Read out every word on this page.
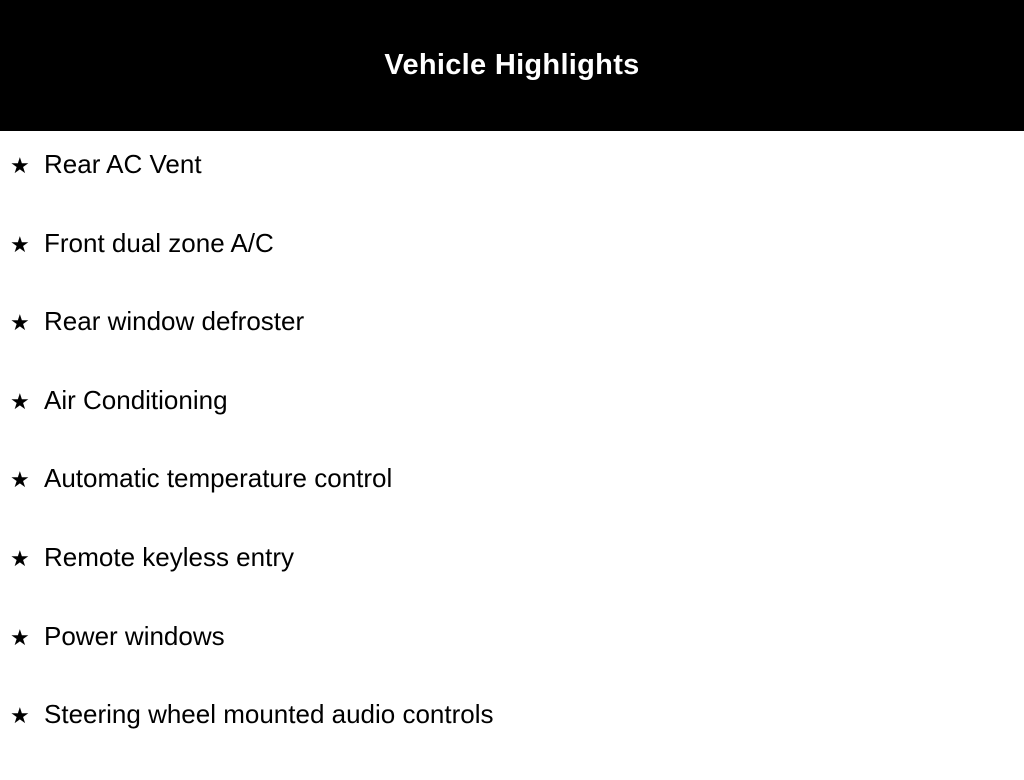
Vehicle Highlights
★ Rear AC Vent
★ Front dual zone A/C
★ Rear window defroster
★ Air Conditioning
★ Automatic temperature control
★ Remote keyless entry
★ Power windows
★ Steering wheel mounted audio controls
